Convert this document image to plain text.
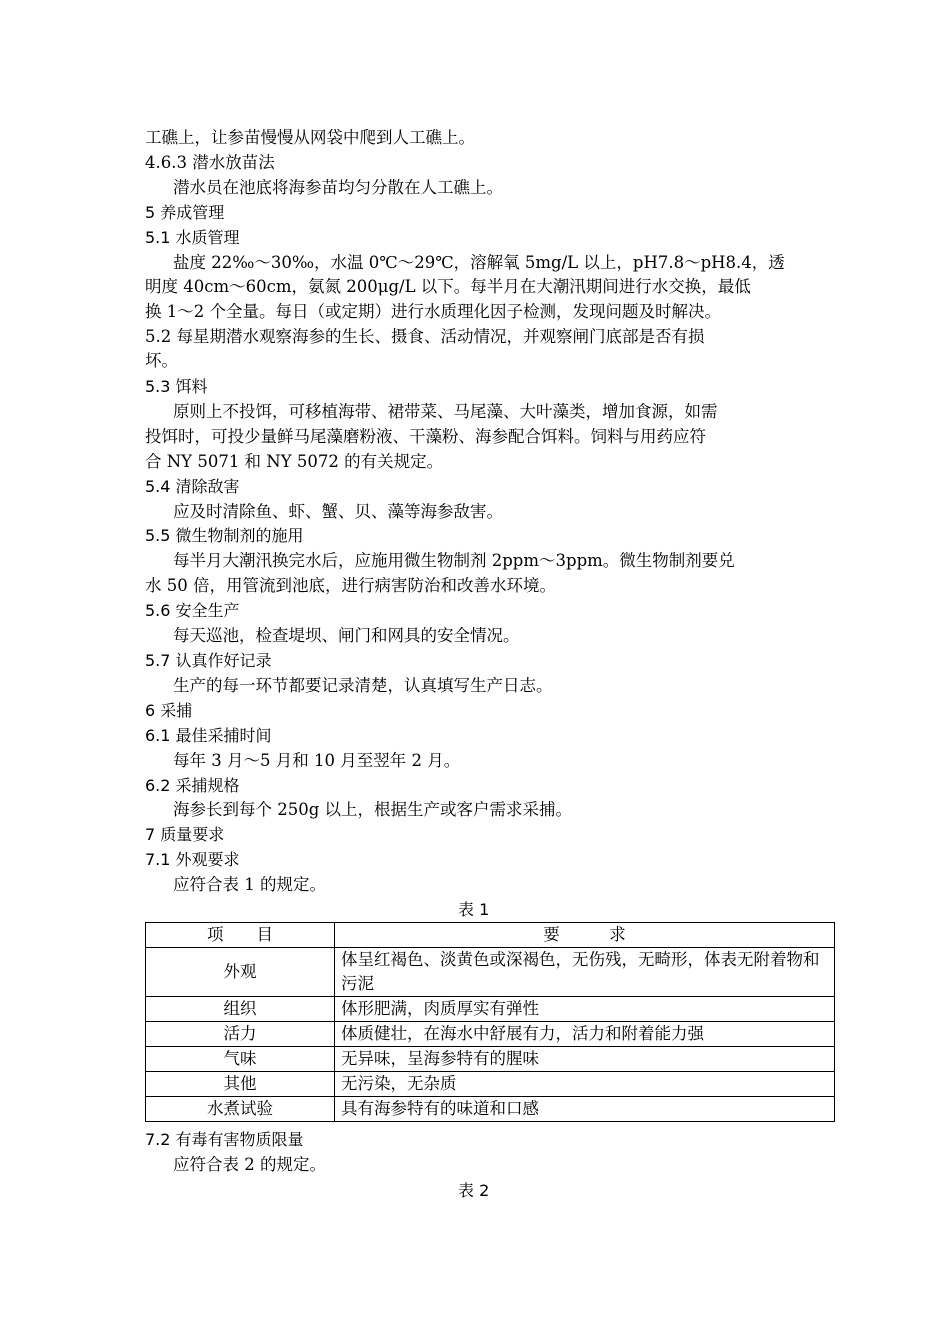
工礁上，让参苗慢慢从网袋中爬到人工礁上。
4.6.3 潜水放苗法
潜水员在池底将海参苗均匀分散在人工礁上。
5 养成管理
5.1 水质管理
盐度 22‰～30‰，水温 0℃～29℃，溶解氧 5mg/L 以上，pH7.8～pH8.4，透
明度 40cm～60cm，氨氮 200μg/L 以下。每半月在大潮汛期间进行水交换，最低
换 1～2 个全量。每日（或定期）进行水质理化因子检测，发现问题及时解决。
5.2 每星期潜水观察海参的生长、摄食、活动情况，并观察闸门底部是否有损
坏。
5.3 饵料
原则上不投饵，可移植海带、裙带菜、马尾藻、大叶藻类，增加食源，如需
投饵时，可投少量鲜马尾藻磨粉液、干藻粉、海参配合饵料。饲料与用药应符
合 NY 5071 和 NY 5072 的有关规定。
5.4 清除敌害
应及时清除鱼、虾、蟹、贝、藻等海参敌害。
5.5 微生物制剂的施用
每半月大潮汛换完水后，应施用微生物制剂 2ppm～3ppm。微生物制剂要兑
水 50 倍，用管流到池底，进行病害防治和改善水环境。
5.6 安全生产
每天巡池，检查堤坝、闸门和网具的安全情况。
5.7 认真作好记录
生产的每一环节都要记录清楚，认真填写生产日志。
6 采捕
6.1 最佳采捕时间
每年 3 月～5 月和 10 月至翌年 2 月。
6.2 采捕规格
海参长到每个 250g 以上，根据生产或客户需求采捕。
7 质量要求
7.1 外观要求
应符合表 1 的规定。
表 1
项　　目	要　　　求
外观	体呈红褐色、淡黄色或深褐色，无伤残，无畸形，体表无附着物和污泥
组织	体形肥满，肉质厚实有弹性
活力	体质健壮，在海水中舒展有力，活力和附着能力强
气味	无异味，呈海参特有的腥味
其他	无污染，无杂质
水煮试验	具有海参特有的味道和口感
7.2 有毒有害物质限量
应符合表 2 的规定。
表 2
